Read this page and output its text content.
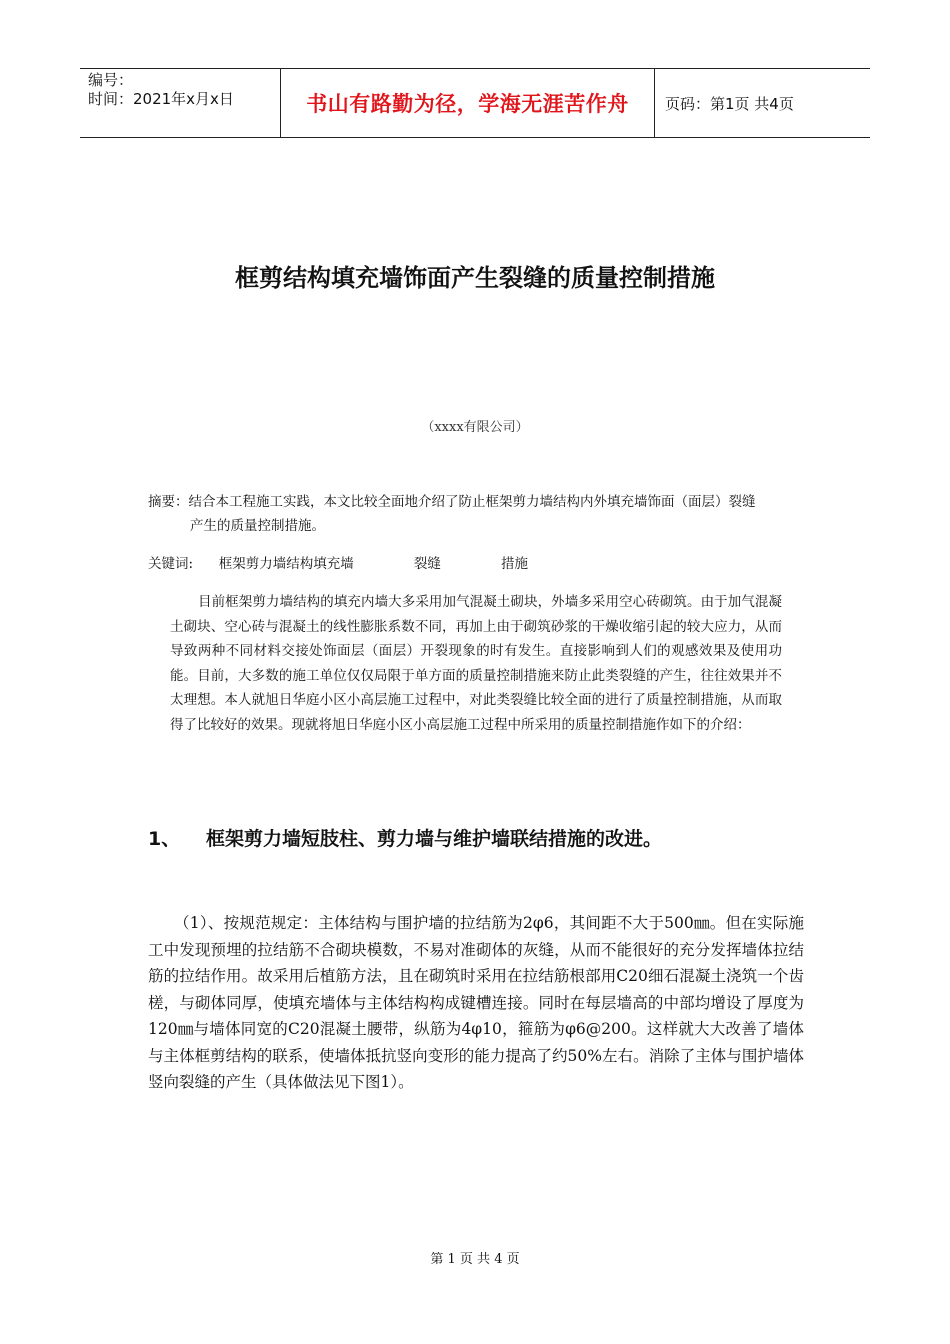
编号：
时间：2021年x月x日	书山有路勤为径，学海无涯苦作舟	页码：第1页 共4页
框剪结构填充墙饰面产生裂缝的质量控制措施
（xxxx有限公司）
摘要：结合本工程施工实践，本文比较全面地介绍了防止框架剪力墙结构内外填充墙饰面（面层）裂缝
产生的质量控制措施。
关键词:      框架剪力墙结构填充墙              裂缝              措施
目前框架剪力墙结构的填充内墙大多采用加气混凝土砌块，外墙多采用空心砖砌筑。由于加气混凝土砌块、空心砖与混凝土的线性膨胀系数不同，再加上由于砌筑砂浆的干燥收缩引起的较大应力，从而导致两种不同材料交接处饰面层（面层）开裂现象的时有发生。直接影响到人们的观感效果及使用功能。目前，大多数的施工单位仅仅局限于单方面的质量控制措施来防止此类裂缝的产生，往往效果并不太理想。本人就旭日华庭小区小高层施工过程中，对此类裂缝比较全面的进行了质量控制措施，从而取得了比较好的效果。现就将旭日华庭小区小高层施工过程中所采用的质量控制措施作如下的介绍：
1、 框架剪力墙短肢柱、剪力墙与维护墙联结措施的改进。
（1）、按规范规定：主体结构与围护墙的拉结筋为2φ6，其间距不大于500㎜。但在实际施工中发现预埋的拉结筋不合砌块模数，不易对准砌体的灰缝，从而不能很好的充分发挥墙体拉结筋的拉结作用。故采用后植筋方法，且在砌筑时采用在拉结筋根部用C20细石混凝土浇筑一个齿槎，与砌体同厚，使填充墙体与主体结构构成键槽连接。同时在每层墙高的中部均增设了厚度为120㎜与墙体同宽的C20混凝土腰带，纵筋为4φ10，箍筋为φ6@200。这样就大大改善了墙体与主体框剪结构的联系，使墙体抵抗竖向变形的能力提高了约50%左右。消除了主体与围护墙体竖向裂缝的产生（具体做法见下图1）。
第 1 页 共 4 页
